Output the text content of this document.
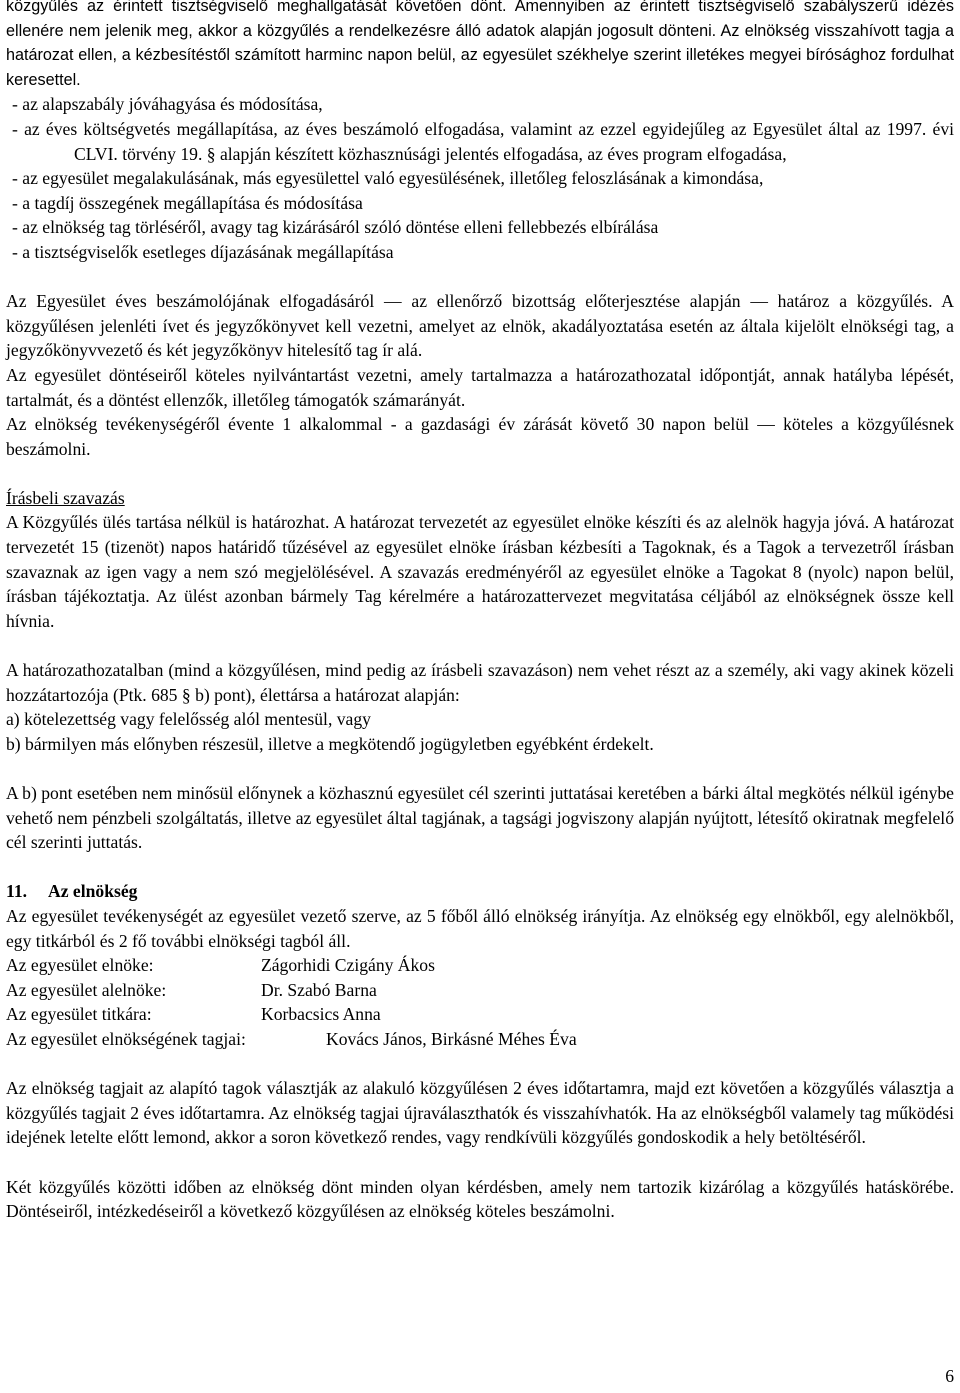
közgyűlés az érintett tisztségviselő meghallgatását követően dönt. Amennyiben az érintett tisztségviselő szabályszerű idézés ellenére nem jelenik meg, akkor a közgyűlés a rendelkezésre álló adatok alapján jogosult dönteni. Az elnökség visszahívott tagja a határozat ellen, a kézbesítéstől számított harminc napon belül, az egyesület székhelye szerint illetékes megyei bírósághoz fordulhat keresettel.

- az alapszabály jóváhagyása és módosítása,

- az éves költségvetés megállapítása, az éves beszámoló elfogadása, valamint az ezzel egyidejűleg az Egyesület által az 1997. évi CLVI. törvény 19. § alapján készített közhasznúsági jelentés elfogadása, az éves program elfogadása,

- az egyesület megalakulásának, más egyesülettel való egyesülésének, illetőleg feloszlásának a kimondása,

- a tagdíj összegének megállapítása és módosítása

- az elnökség tag törléséről, avagy tag kizárásáról szóló döntése elleni fellebbezés elbírálása

- a tisztségviselők esetleges díjazásának megállapítása

Az Egyesület éves beszámolójának elfogadásáról — az ellenőrző bizottság előterjesztése alapján — határoz a közgyűlés. A közgyűlésen jelenléti ívet és jegyzőkönyvet kell vezetni, amelyet az elnök, akadályoztatása esetén az általa kijelölt elnökségi tag, a jegyzőkönyvvezető és két jegyzőkönyv hitelesítő tag ír alá.

Az egyesület döntéseiről köteles nyilvántartást vezetni, amely tartalmazza a határozathozatal időpontját, annak hatályba lépését, tartalmát, és a döntést ellenzők, illetőleg támogatók számarányát.

Az elnökség tevékenységéről évente 1 alkalommal - a gazdasági év zárását követő 30 napon belül — köteles a közgyűlésnek beszámolni.

Írásbeli szavazás

A Közgyűlés ülés tartása nélkül is határozhat. A határozat tervezetét az egyesület elnöke készíti és az alelnök hagyja jóvá. A határozat tervezetét 15 (tizenöt) napos határidő tűzésével az egyesület elnöke írásban kézbesíti a Tagoknak, és a Tagok a tervezetről írásban szavaznak az igen vagy a nem szó megjelölésével. A szavazás eredményéről az egyesület elnöke a Tagokat 8 (nyolc) napon belül, írásban tájékoztatja. Az ülést azonban bármely Tag kérelmére a határozattervezet megvitatása céljából az elnökségnek össze kell hívnia.

A határozathozatalban (mind a közgyűlésen, mind pedig az írásbeli szavazáson) nem vehet részt az a személy, aki vagy akinek közeli hozzátartozója (Ptk. 685 § b) pont), élettársa a határozat alapján:

a) kötelezettség vagy felelősség alól mentesül, vagy

b) bármilyen más előnyben részesül, illetve a megkötendő jogügyletben egyébként érdekelt.

A b) pont esetében nem minősül előnynek a közhasznú egyesület cél szerinti juttatásai keretében a bárki által megkötés nélkül igénybe vehető nem pénzbeli szolgáltatás, illetve az egyesület által tagjának, a tagsági jogviszony alapján nyújtott, létesítő okiratnak megfelelő cél szerinti juttatás.

11. Az elnökség

Az egyesület tevékenységét az egyesület vezető szerve, az 5 főből álló elnökség irányítja. Az elnökség egy elnökből, egy alelnökből, egy titkárból és 2 fő további elnökségi tagból áll.

Az egyesület elnöke:	Zágorhidi Czigány Ákos
Az egyesület alelnöke:	Dr. Szabó Barna
Az egyesület titkára:	Korbacsics Anna
Az egyesület elnökségének tagjai:	Kovács János, Birkásné Méhes Éva

Az elnökség tagjait az alapító tagok választják az alakuló közgyűlésen 2 éves időtartamra, majd ezt követően a közgyűlés választja a közgyűlés tagjait 2 éves időtartamra. Az elnökség tagjai újraválaszthatók és visszahívhatók. Ha az elnökségből valamely tag működési idejének letelte előtt lemond, akkor a soron következő rendes, vagy rendkívüli közgyűlés gondoskodik a hely betöltéséről.

Két közgyűlés közötti időben az elnökség dönt minden olyan kérdésben, amely nem tartozik kizárólag a közgyűlés hatáskörébe. Döntéseiről, intézkedéseiről a következő közgyűlésen az elnökség köteles beszámolni.

6
